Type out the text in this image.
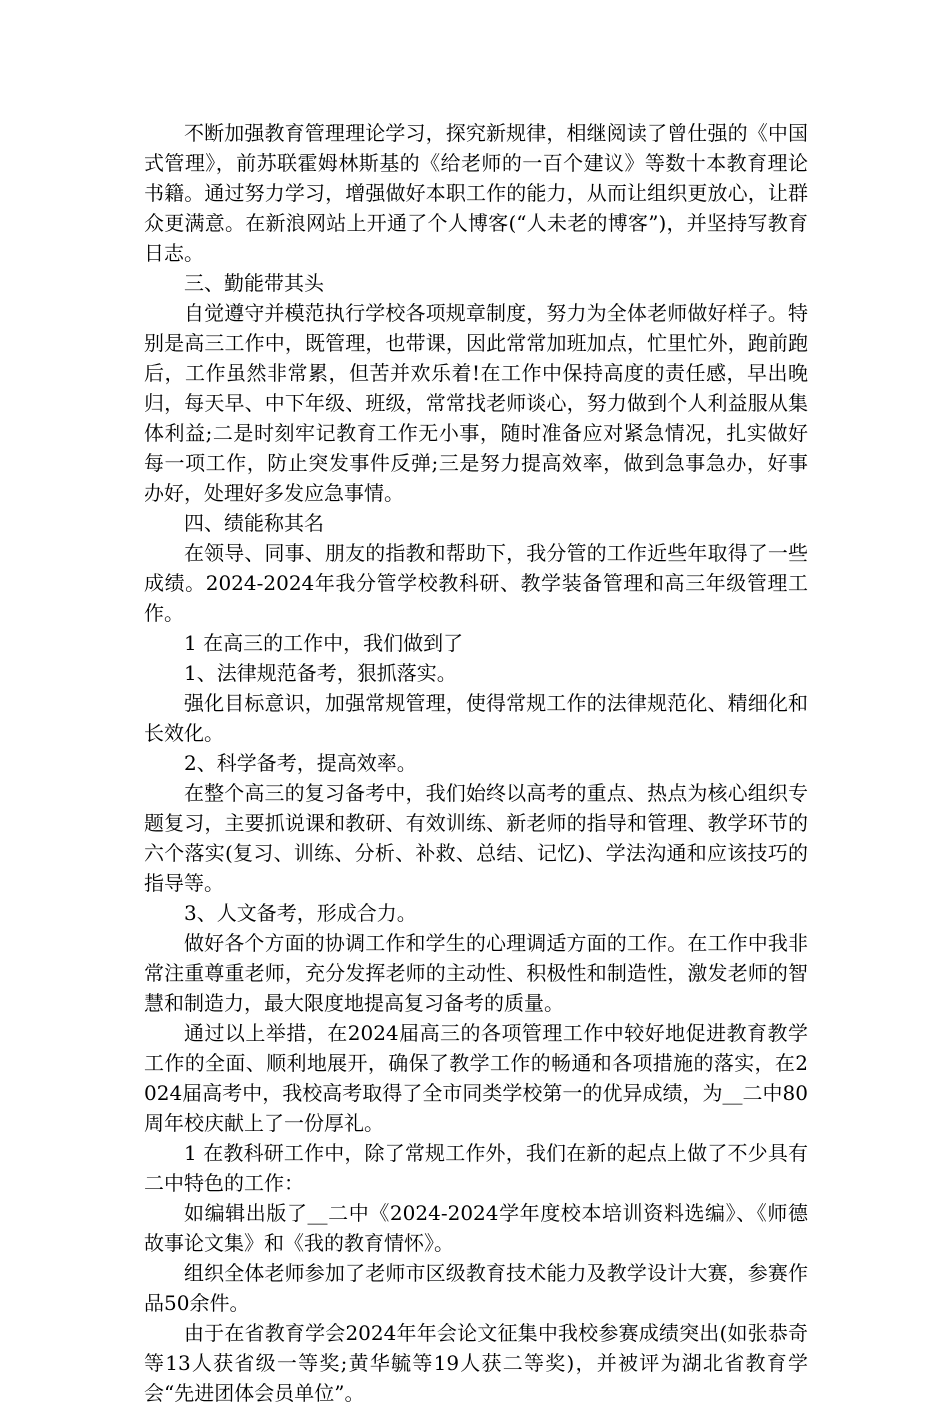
不断加强教育管理理论学习，探究新规律，相继阅读了曾仕强的《中国式管理》，前苏联霍姆林斯基的《给老师的一百个建议》等数十本教育理论书籍。通过努力学习，增强做好本职工作的能力，从而让组织更放心，让群众更满意。在新浪网站上开通了个人博客(“人未老的博客”)，并坚持写教育日志。

三、勤能带其头

自觉遵守并模范执行学校各项规章制度，努力为全体老师做好样子。特别是高三工作中，既管理，也带课，因此常常加班加点，忙里忙外，跑前跑后，工作虽然非常累，但苦并欢乐着!在工作中保持高度的责任感，早出晚归，每天早、中下年级、班级，常常找老师谈心，努力做到个人利益服从集体利益;二是时刻牢记教育工作无小事，随时准备应对紧急情况，扎实做好每一项工作，防止突发事件反弹;三是努力提高效率，做到急事急办，好事办好，处理好多发应急事情。

四、绩能称其名

在领导、同事、朋友的指教和帮助下，我分管的工作近些年取得了一些成绩。2024-2024年我分管学校教科研、教学装备管理和高三年级管理工作。

1 在高三的工作中，我们做到了

1、法律规范备考，狠抓落实。

强化目标意识，加强常规管理，使得常规工作的法律规范化、精细化和长效化。

2、科学备考，提高效率。

在整个高三的复习备考中，我们始终以高考的重点、热点为核心组织专题复习，主要抓说课和教研、有效训练、新老师的指导和管理、教学环节的六个落实(复习、训练、分析、补救、总结、记忆)、学法沟通和应该技巧的指导等。

3、人文备考，形成合力。

做好各个方面的协调工作和学生的心理调适方面的工作。在工作中我非常注重尊重老师，充分发挥老师的主动性、积极性和制造性，激发老师的智慧和制造力，最大限度地提高复习备考的质量。

通过以上举措，在2024届高三的各项管理工作中较好地促进教育教学工作的全面、顺利地展开，确保了教学工作的畅通和各项措施的落实，在2024届高考中，我校高考取得了全市同类学校第一的优异成绩，为__二中80周年校庆献上了一份厚礼。

1 在教科研工作中，除了常规工作外，我们在新的起点上做了不少具有二中特色的工作：

如编辑出版了__二中《2024-2024学年度校本培训资料选编》、《师德故事论文集》和《我的教育情怀》。

组织全体老师参加了老师市区级教育技术能力及教学设计大赛，参赛作品50余件。

由于在省教育学会2024年年会论文征集中我校参赛成绩突出(如张恭奇等13人获省级一等奖;黄华毓等19人获二等奖)，并被评为湖北省教育学会“先进团体会员单位”。
